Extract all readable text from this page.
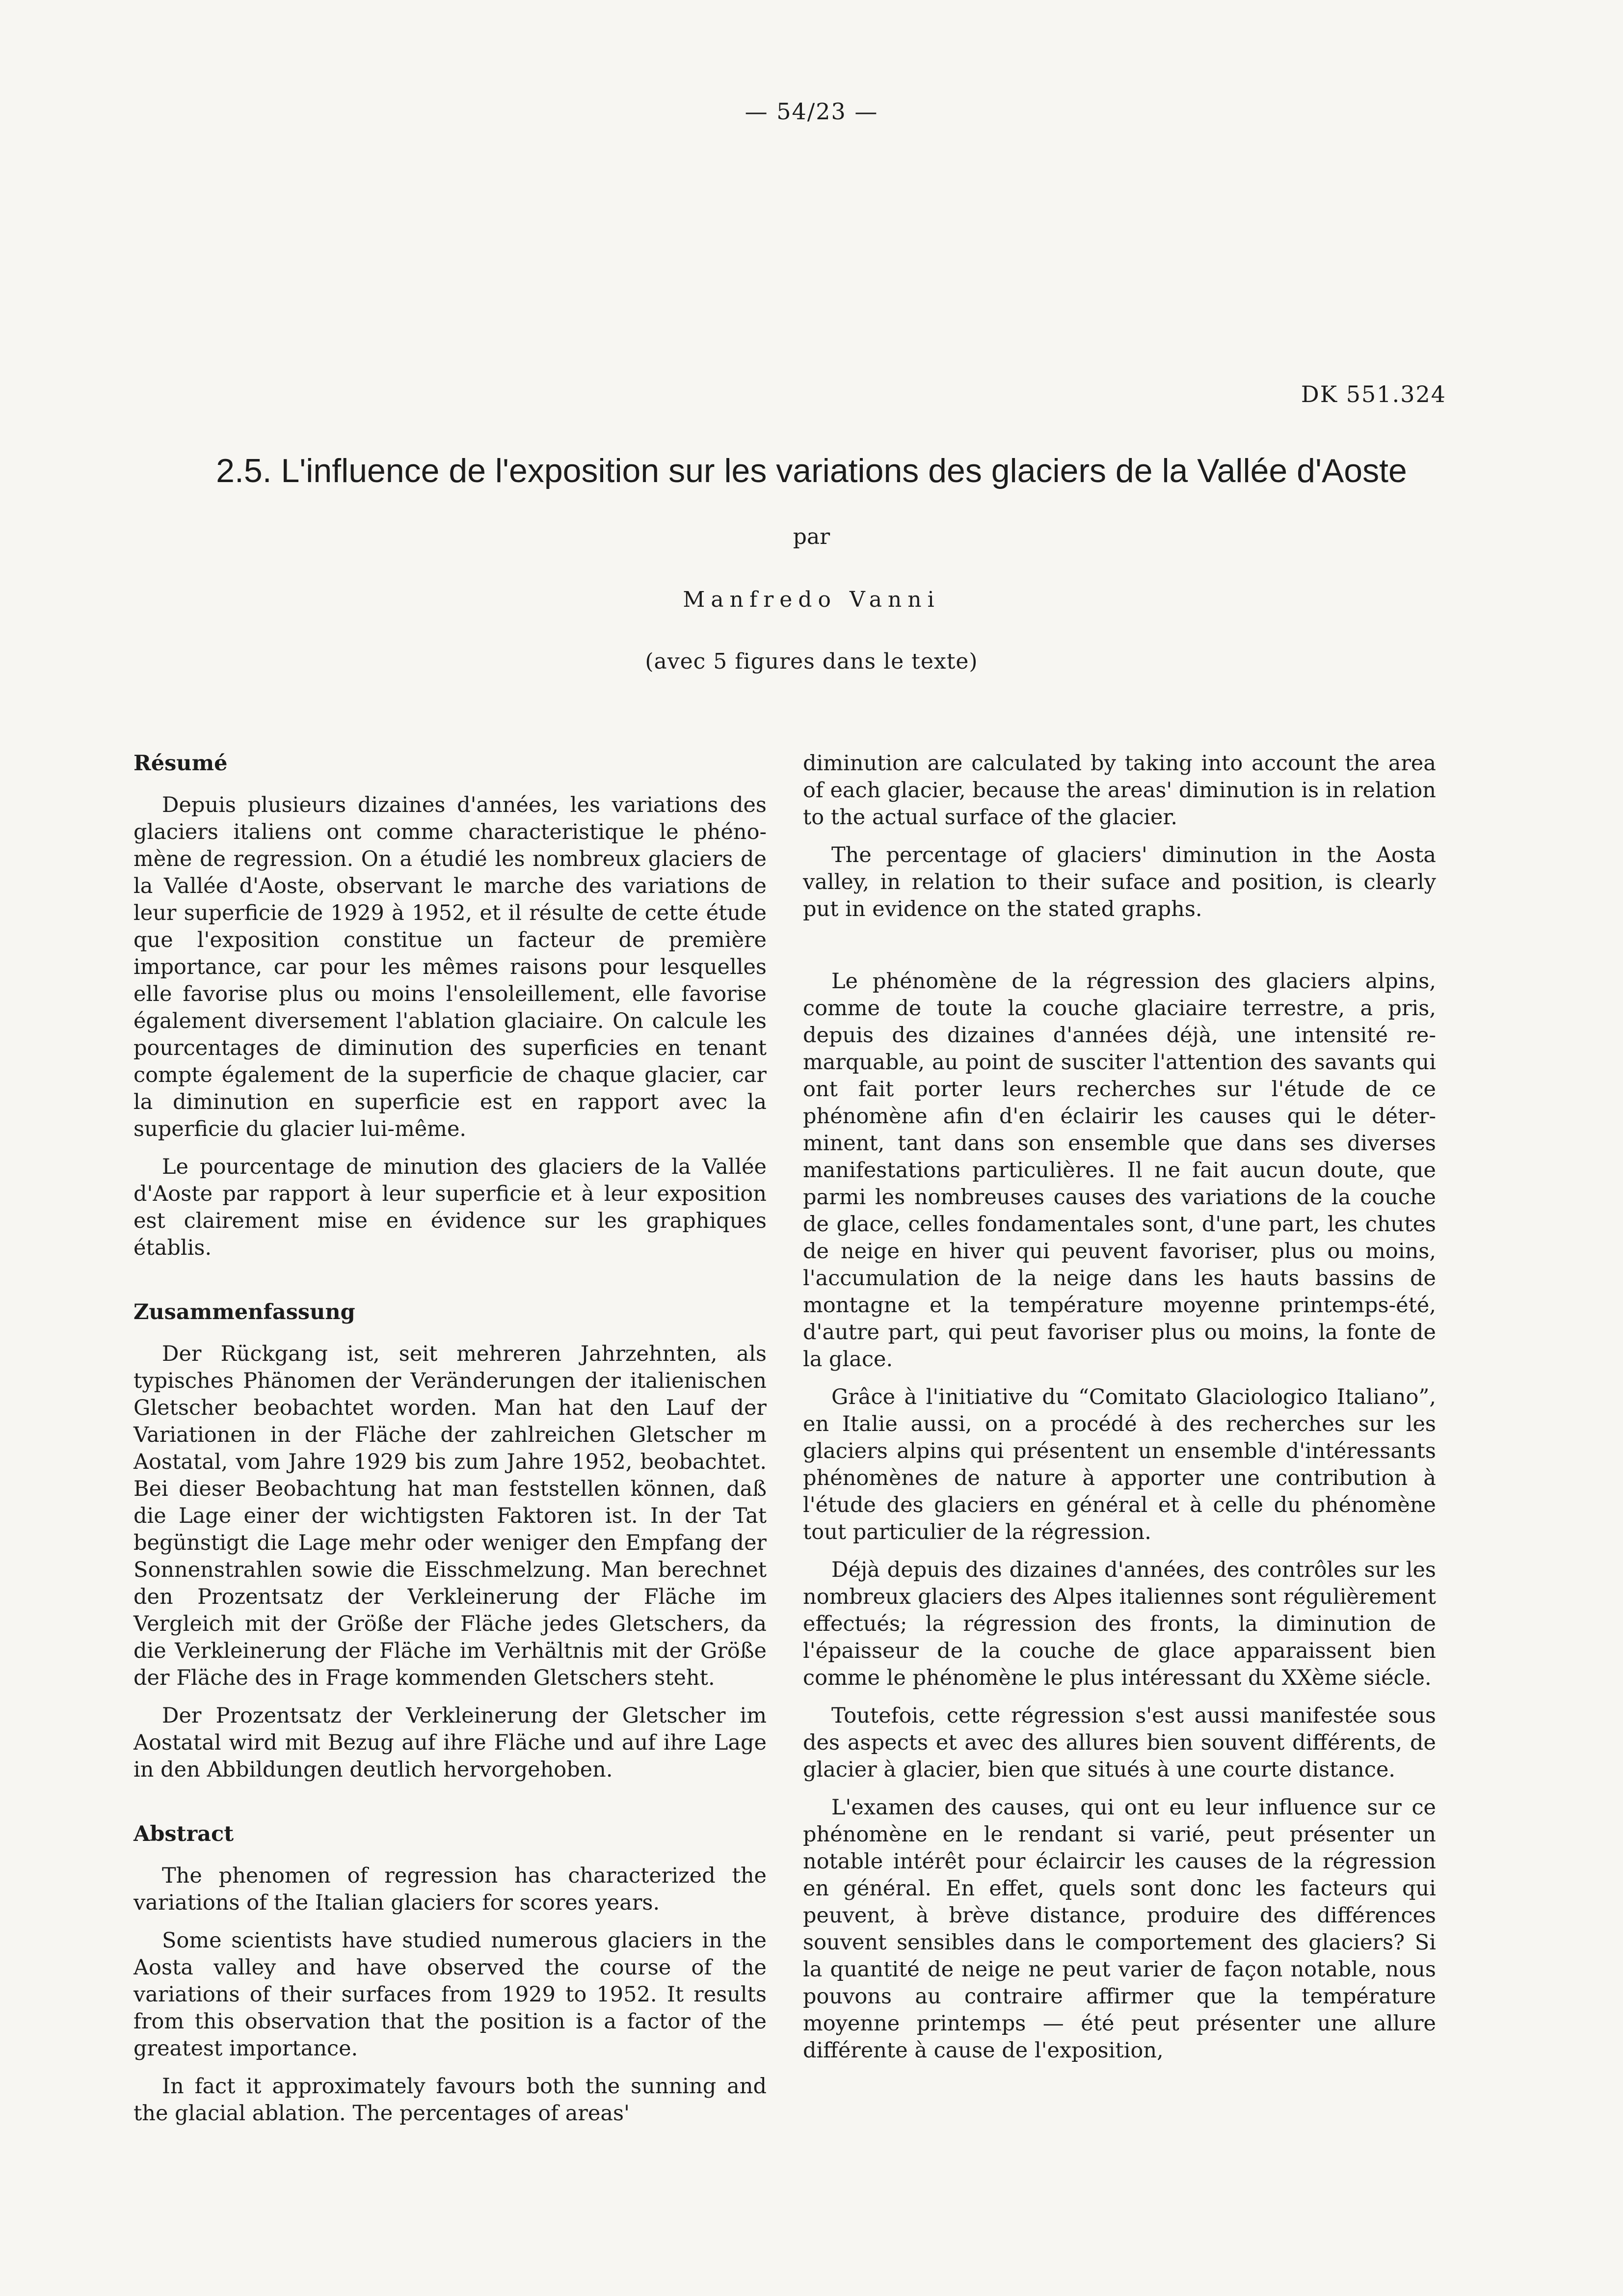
— 54/23 —
DK 551.324
2.5. L'influence de l'exposition sur les variations des glaciers de la Vallée d'Aoste
par
Manfredo Vanni
(avec 5 figures dans le texte)
Résumé

Depuis plusieurs dizaines d'années, les variations des glaciers italiens ont comme characteristique le phénomène de regression. On a étudié les nombreux glaciers de la Vallée d'Aoste, observant le marche des variations de leur superficie de 1929 à 1952, et il résulte de cette étude que l'exposition constitue un facteur de première importance, car pour les mêmes raisons pour lesquelles elle favorise plus ou moins l'ensoleillement, elle favorise également diversement l'ablation glaciaire. On calcule les pourcentages de diminution des superficies en tenant compte également de la superficie de chaque glacier, car la diminution en superficie est en rapport avec la superficie du glacier lui-même.

Le pourcentage de minution des glaciers de la Vallée d'Aoste par rapport à leur superficie et à leur exposition est clairement mise en évidence sur les graphiques établis.

Zusammenfassung

Der Rückgang ist, seit mehreren Jahrzehnten, als typisches Phänomen der Veränderungen der italienischen Gletscher beobachtet worden. Man hat den Lauf der Variationen in der Fläche der zahlreichen Gletscher m Aostatal, vom Jahre 1929 bis zum Jahre 1952, beobachtet. Bei dieser Beobachtung hat man feststellen können, daß die Lage einer der wichtigsten Faktoren ist. In der Tat begünstigt die Lage mehr oder weniger den Empfang der Sonnenstrahlen sowie die Eisschmelzung. Man berechnet den Prozentsatz der Verkleinerung der Fläche im Vergleich mit der Größe der Fläche jedes Gletschers, da die Verkleinerung der Fläche im Verhältnis mit der Größe der Fläche des in Frage kommenden Gletschers steht.

Der Prozentsatz der Verkleinerung der Gletscher im Aostatal wird mit Bezug auf ihre Fläche und auf ihre Lage in den Abbildungen deutlich hervorgehoben.

Abstract

The phenomen of regression has characterized the variations of the Italian glaciers for scores years.

Some scientists have studied numerous glaciers in the Aosta valley and have observed the course of the variations of their surfaces from 1929 to 1952. It results from this observation that the position is a factor of the greatest importance.

In fact it approximately favours both the sunning and the glacial ablation. The percentages of areas'

diminution are calculated by taking into account the area of each glacier, because the areas' diminution is in relation to the actual surface of the glacier.

The percentage of glaciers' diminution in the Aosta valley, in relation to their suface and position, is clearly put in evidence on the stated graphs.

Le phénomène de la régression des glaciers alpins, comme de toute la couche glaciaire terrestre, a pris, depuis des dizaines d'années déjà, une intensité remarquable, au point de susciter l'attention des savants qui ont fait porter leurs recherches sur l'étude de ce phénomène afin d'en éclairir les causes qui le déterminent, tant dans son ensemble que dans ses diverses manifestations particulières. Il ne fait aucun doute, que parmi les nombreuses causes des variations de la couche de glace, celles fondamentales sont, d'une part, les chutes de neige en hiver qui peuvent favoriser, plus ou moins, l'accumulation de la neige dans les hauts bassins de montagne et la température moyenne printemps-été, d'autre part, qui peut favoriser plus ou moins, la fonte de la glace.

Grâce à l'initiative du “Comitato Glaciologico Italiano”, en Italie aussi, on a procédé à des recherches sur les glaciers alpins qui présentent un ensemble d'intéressants phénomènes de nature à apporter une contribution à l'étude des glaciers en général et à celle du phénomène tout particulier de la régression.

Déjà depuis des dizaines d'années, des contrôles sur les nombreux glaciers des Alpes italiennes sont régulièrement effectués; la régression des fronts, la diminution de l'épaisseur de la couche de glace apparaissent bien comme le phénomène le plus intéressant du XXème siécle.

Toutefois, cette régression s'est aussi manifestée sous des aspects et avec des allures bien souvent différents, de glacier à glacier, bien que situés à une courte distance.

L'examen des causes, qui ont eu leur influence sur ce phénomène en le rendant si varié, peut présenter un notable intérêt pour éclaircir les causes de la régression en général. En effet, quels sont donc les facteurs qui peuvent, à brève distance, produire des différences souvent sensibles dans le comportement des glaciers? Si la quantité de neige ne peut varier de façon notable, nous pouvons au contraire affirmer que la température moyenne printemps — été peut présenter une allure différente à cause de l'exposition,
